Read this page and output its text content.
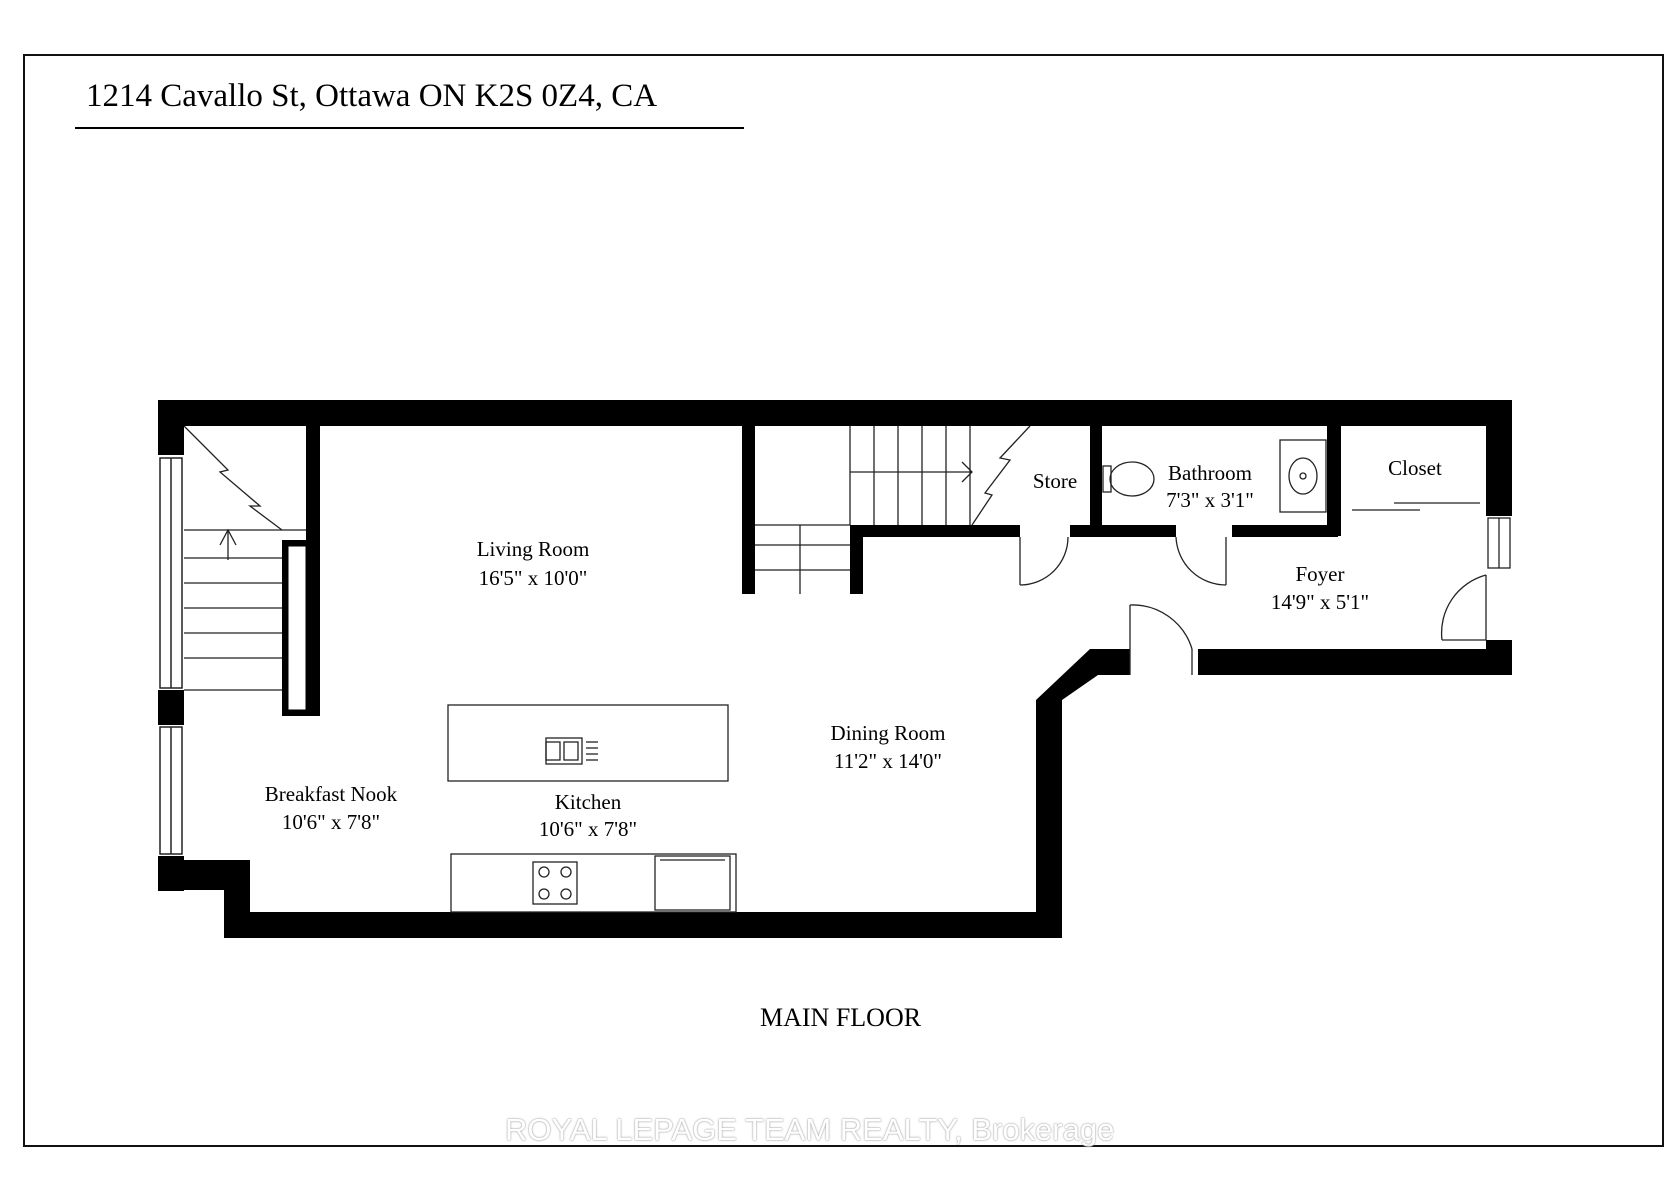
1214 Cavallo St, Ottawa ON K2S 0Z4, CA
Living Room
16'5" x 10'0"
Store	Bathroom
7'3" x 3'1"
Closet
Foyer
14'9" x 5'1"
Dining Room
11'2" x 14'0"
Breakfast Nook
10'6" x 7'8"
Kitchen
10'6" x 7'8"
MAIN FLOOR
ROYAL LEPAGE TEAM REALTY, Brokerage
